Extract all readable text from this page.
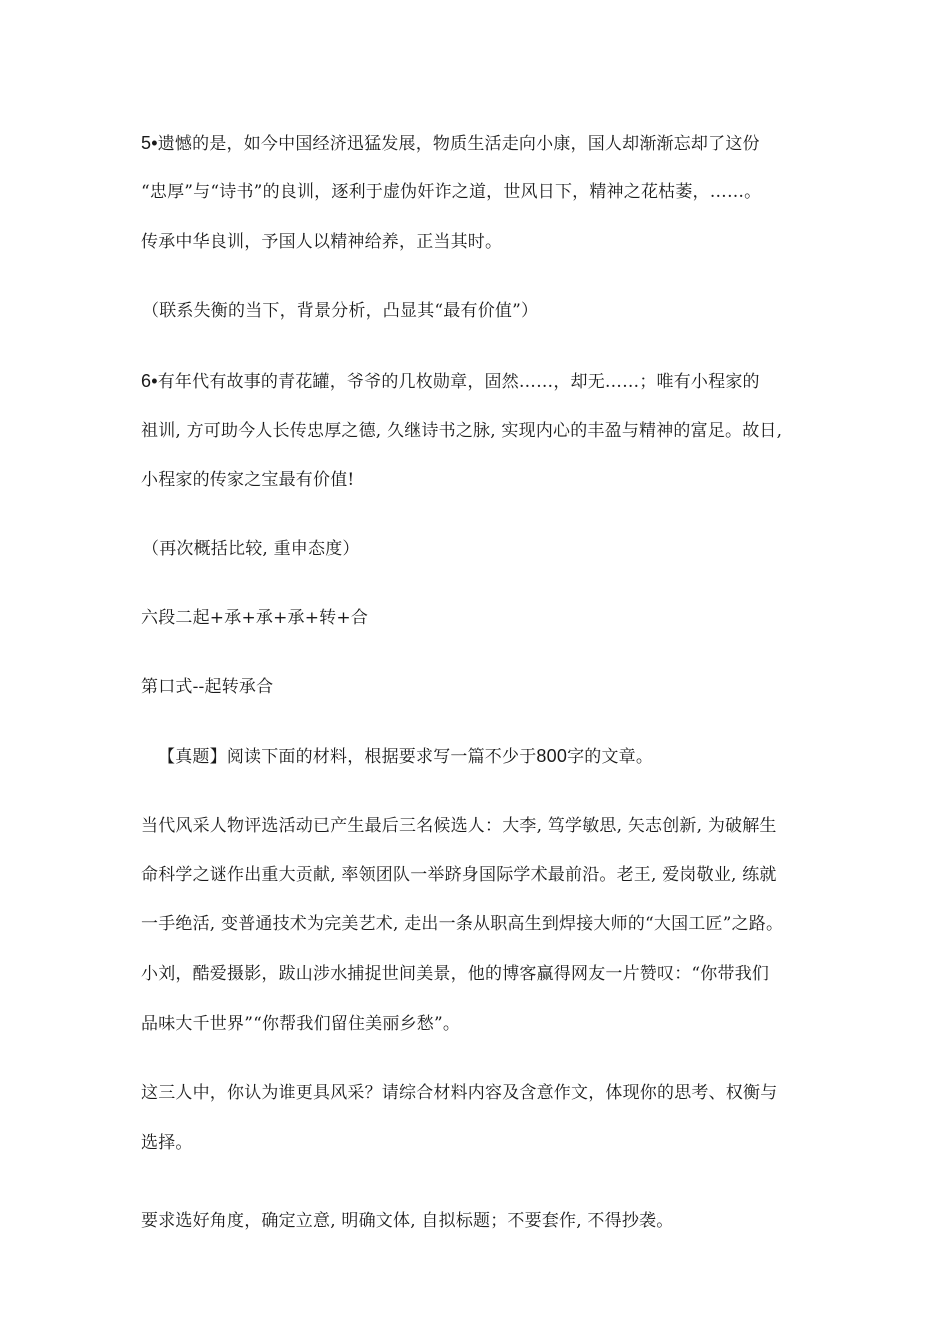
5•遗憾的是，如今中国经济迅猛发展，物质生活走向小康，国人却渐渐忘却了这份
“忠厚”与“诗书”的良训，逐利于虚伪奸诈之道，世风日下，精神之花枯萎，……。
传承中华良训，予国人以精神给养，正当其时。
（联系失衡的当下，背景分析，凸显其“最有价值”）
6•有年代有故事的青花罐，爷爷的几枚勋章，固然……，却无……；唯有小程家的
祖训, 方可助今人长传忠厚之德, 久继诗书之脉, 实现内心的丰盈与精神的富足。故日,
小程家的传家之宝最有价值!
（再次概括比较, 重申态度）
六段二起+承+承+承+转+合
第口式--起转承合
【真题】阅读下面的材料，根据要求写一篇不少于800字的文章。
当代风采人物评选活动已产生最后三名候选人：大李, 笃学敏思, 矢志创新, 为破解生
命科学之谜作出重大贡献, 率领团队一举跻身国际学术最前沿。老王, 爱岗敬业, 练就
一手绝活, 变普通技术为完美艺术, 走出一条从职高生到焊接大师的“大国工匠”之路。
小刘，酷爱摄影，跋山涉水捕捉世间美景，他的博客赢得网友一片赞叹：“你带我们
品味大千世界”“你帮我们留住美丽乡愁”。
这三人中，你认为谁更具风采？请综合材料内容及含意作文，体现你的思考、权衡与
选择。
要求选好角度，确定立意, 明确文体, 自拟标题；不要套作, 不得抄袭。
